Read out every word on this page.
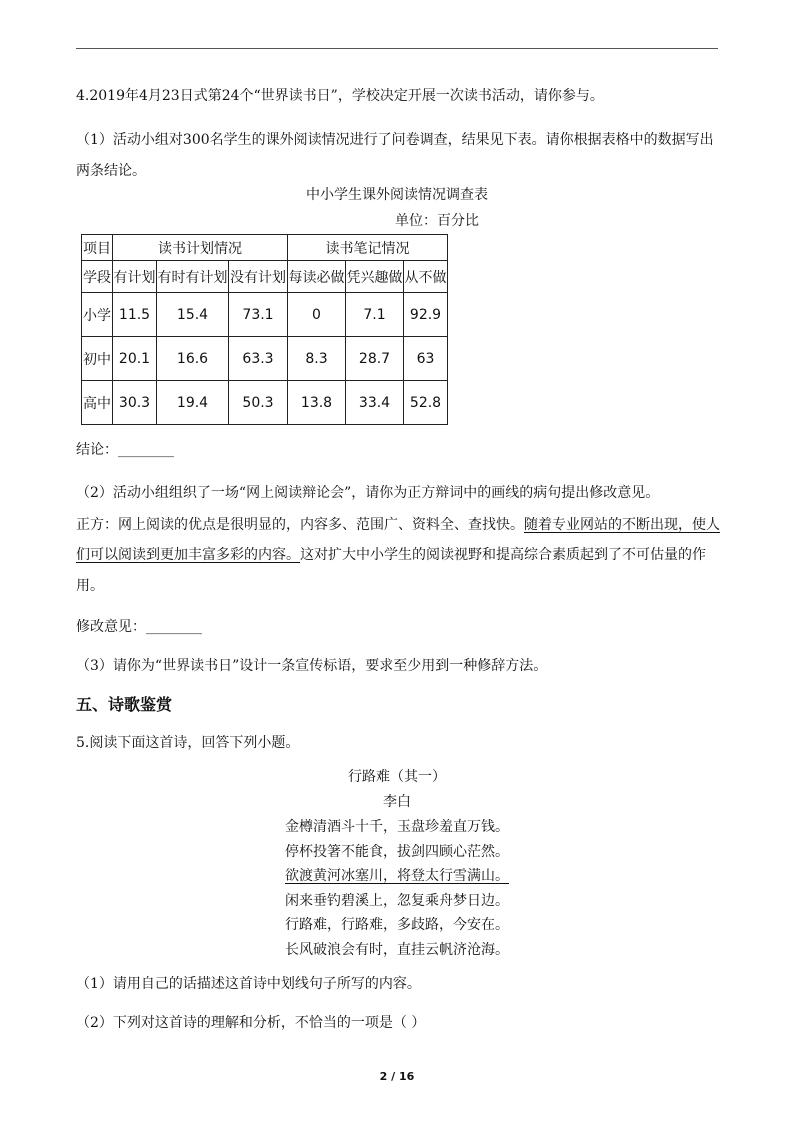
4.2019年4月23日式第24个“世界读书日”，学校决定开展一次读书活动，请你参与。
（1）活动小组对300名学生的课外阅读情况进行了问卷调查，结果见下表。请你根据表格中的数据写出
两条结论。
中小学生课外阅读情况调查表
单位：百分比
项目	读书计划情况			读书笔记情况		
学段	有计划	有时有计划	没有计划	每读必做	凭兴趣做	从不做
小学	11.5	15.4	73.1	0	7.1	92.9
初中	20.1	16.6	63.3	8.3	28.7	63
高中	30.3	19.4	50.3	13.8	33.4	52.8
结论：________
（2）活动小组组织了一场“网上阅读辩论会”，请你为正方辩词中的画线的病句提出修改意见。
正方：网上阅读的优点是很明显的，内容多、范围广、资料全、查找快。随着专业网站的不断出现，使人
们可以阅读到更加丰富多彩的内容。这对扩大中小学生的阅读视野和提高综合素质起到了不可估量的作
用。
修改意见：________
（3）请你为“世界读书日”设计一条宣传标语，要求至少用到一种修辞方法。
五、诗歌鉴赏
5.阅读下面这首诗，回答下列小题。
行路难（其一）
李白
金樽清酒斗十千，玉盘珍羞直万钱。
停杯投箸不能食，拔剑四顾心茫然。
欲渡黄河冰塞川，将登太行雪满山。
闲来垂钓碧溪上，忽复乘舟梦日边。
行路难，行路难，多歧路，今安在。
长风破浪会有时，直挂云帆济沧海。
（1）请用自己的话描述这首诗中划线句子所写的内容。
（2）下列对这首诗的理解和分析，不恰当的一项是（ ）
2 / 16
